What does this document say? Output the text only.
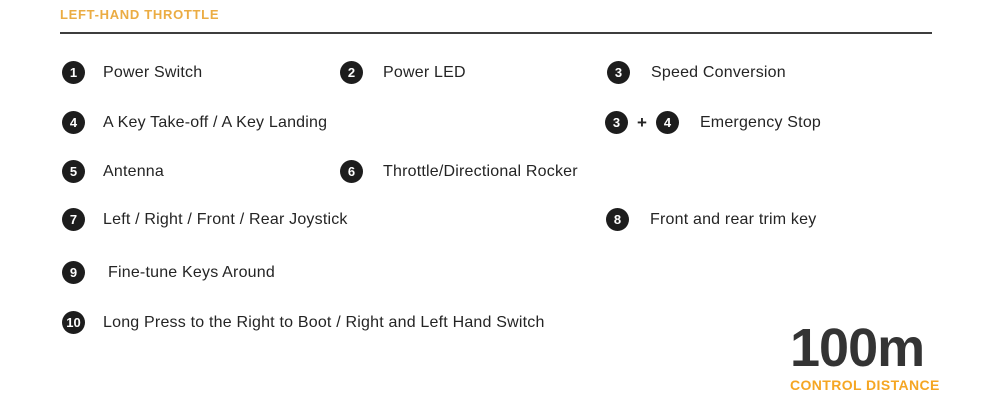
LEFT-HAND THROTTLE
1	Power Switch	2	Power LED	3	Speed Conversion
4	A Key Take-off / A Key Landing	3 +	4	Emergency Stop
5	Antenna	6	Throttle/Directional Rocker
7	Left / Right / Front / Rear Joystick	8	Front and rear trim key
9	Fine-tune Keys Around
10 Long Press to the Right to Boot / Right and Left Hand Switch	100m
CONTROL DISTANCE
